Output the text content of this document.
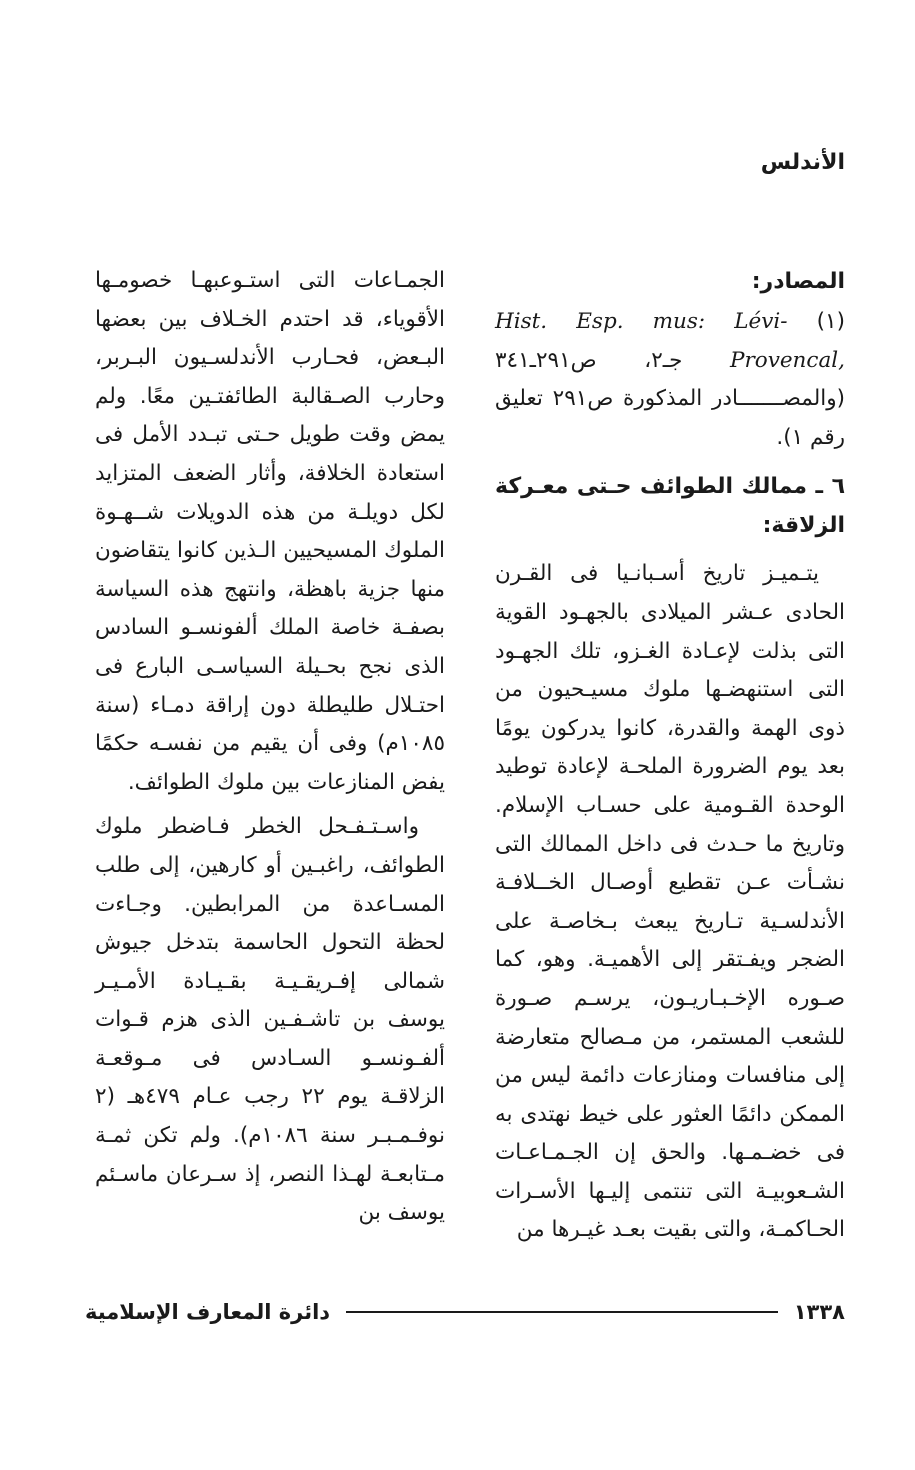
الأندلس
المصادر:

(١) Hist. Esp. mus: Lévi-Provencal, جـ٢، ص٢٩١ـ٣٤١ (والمصـــــــادر المذكورة ص٢٩١ تعليق رقم ١).

٦ ـ ممالك الطوائف حـتى معـركة الزلاقة:

يتـميـز تاريخ أسـبانـيا فى القـرن الحادى عـشر الميلادى بالجهـود القوية التى بذلت لإعـادة الغـزو، تلك الجهـود التى استنهضـها ملوك مسيـحيون من ذوى الهمة والقدرة، كانوا يدركون يومًا بعد يوم الضرورة الملحـة لإعادة توطيد الوحدة القـومية على حسـاب الإسلام. وتاريخ ما حـدث فى داخل الممالك التى نشـأت عـن تقطيع أوصـال الخــلافـة الأندلسـية تـاريخ يبعث بـخاصـة على الضجر ويفـتقر إلى الأهميـة. وهو، كما صـوره الإخـبـاريـون، يرسـم صـورة للشعب المستمر، من مـصالح متعارضة إلى منافسات ومنازعات دائمة ليس من الممكن دائمًا العثور على خيط نهتدى به فى خضـمـها. والحق إن الجـمـاعـات الشـعوبيـة التى تنتمى إليـها الأسـرات الحـاكمـة، والتى بقيت بعـد غيـرها من

الجمـاعات التى استـوعبهـا خصومـها الأقوياء، قد احتدم الخـلاف بين بعضها البـعض، فحـارب الأندلسـيون البـربر، وحارب الصـقالبة الطائفتـين معًا. ولم يمض وقت طويل حـتى تبـدد الأمل فى استعادة الخلافة، وأثار الضعف المتزايد لكل دويلـة من هذه الدويلات شــهـوة الملوك المسيحيين الـذين كانوا يتقاضون منها جزية باهظة، وانتهج هذه السياسة بصفـة خاصة الملك ألفونسـو السادس الذى نجح بحـيلة السياسـى البارع فى احتـلال طليطلة دون إراقة دمـاء (سنة ١٠٨٥م) وفى أن يقيم من نفسـه حكمًا يفض المنازعات بين ملوك الطوائف.

واسـتـفـحل الخطر فـاضطر ملوك الطوائف، راغبـين أو كارهين، إلى طلب المسـاعدة من المرابطين. وجـاءت لحظة التحول الحاسمة بتدخل جيوش شمالى إفـريقـيـة بقـيـادة الأمـيـر يوسف بن تاشـفـين الذى هزم قـوات ألفـونسـو السـادس فى مـوقعـة الزلاقـة يوم ٢٢ رجب عـام ٤٧٩هـ (٢ نوفـمـبـر سنة ١٠٨٦م). ولم تكن ثمـة مـتابعـة لهـذا النصر، إذ سـرعان ماسـئم يوسف بن

١٣٣٨
دائرة المعارف الإسلامية
